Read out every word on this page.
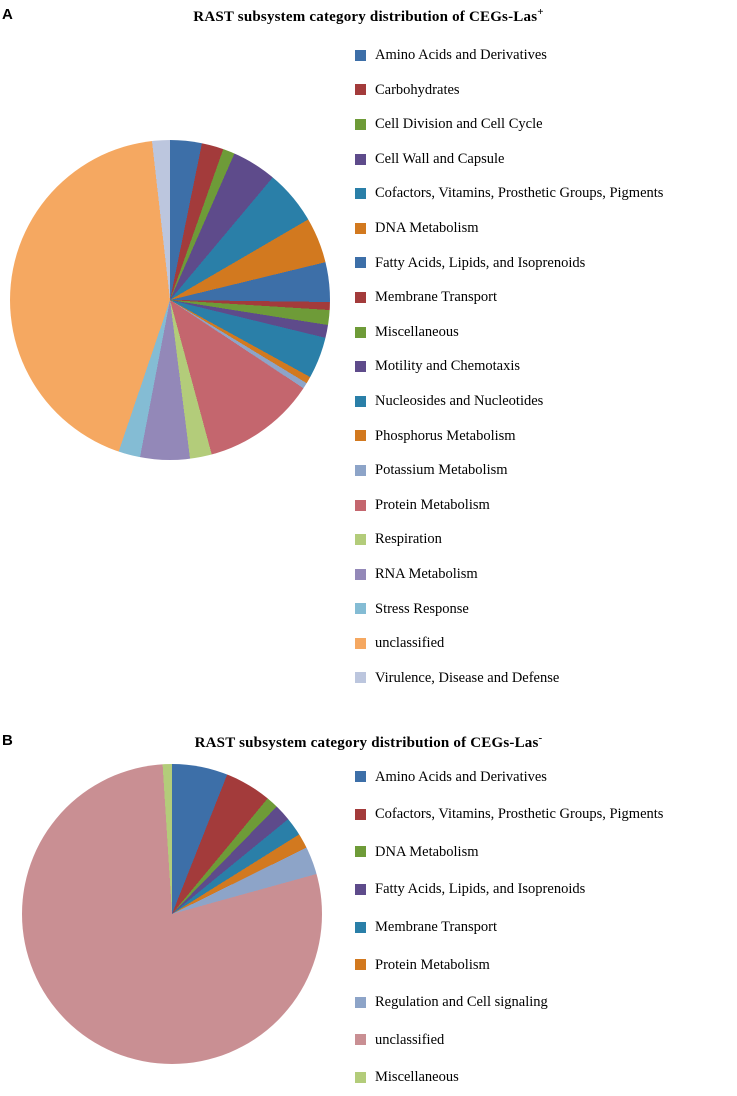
A	RAST subsystem category distribution of CEGs-Las+
Amino Acids and Derivatives
Carbohydrates
Cell Division and Cell Cycle
Cell Wall and Capsule
Cofactors, Vitamins, Prosthetic Groups, Pigments
DNA Metabolism
Fatty Acids, Lipids, and Isoprenoids
Membrane Transport
Miscellaneous
Motility and Chemotaxis
Nucleosides and Nucleotides
Phosphorus Metabolism
Potassium Metabolism
Protein Metabolism
Respiration
RNA Metabolism
Stress Response
unclassified
Virulence, Disease and Defense
B	RAST subsystem category distribution of CEGs-Las-
Amino Acids and Derivatives
Cofactors, Vitamins, Prosthetic Groups, Pigments
DNA Metabolism
Fatty Acids, Lipids, and Isoprenoids
Membrane Transport
Protein Metabolism
Regulation and Cell signaling
unclassified
Miscellaneous
